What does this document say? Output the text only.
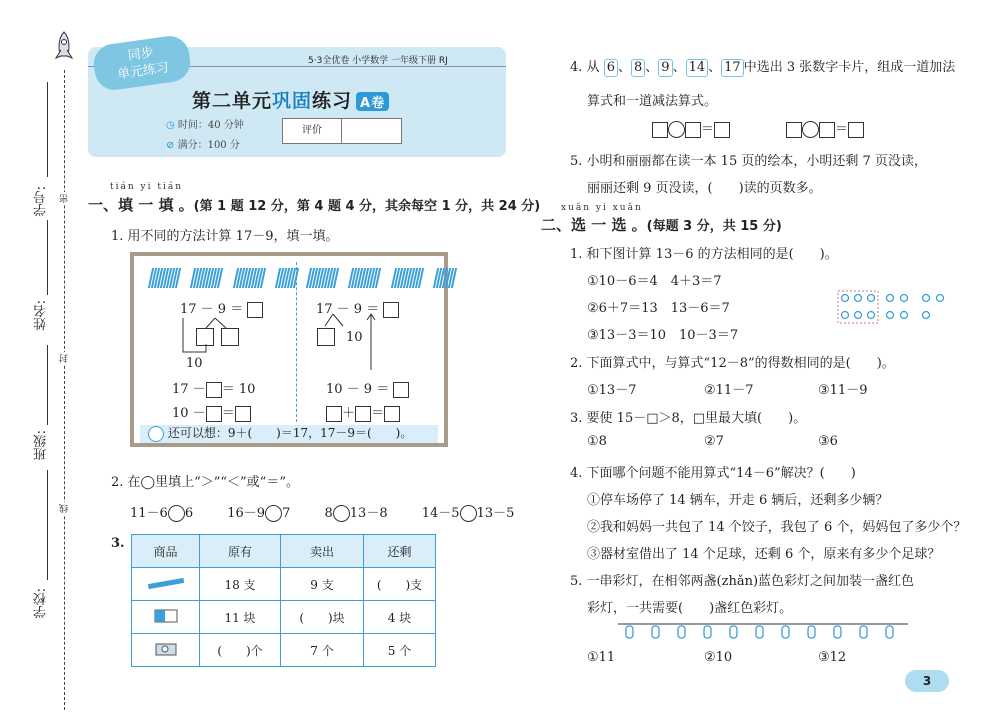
密
封
线
学号:
姓名:
班级:
学校:
5·3全优卷 小学数学 一年级下册 RJ
同步
单元练习
第二单元巩固练习 A卷
◷ 时间：40 分钟
⊘ 满分：100 分
评价
tián yi tián
一、填 一 填 。(第 1 题 12 分，第 4 题 4 分，其余每空 1 分，共 24 分)
1. 用不同的方法计算 17－9，填一填。

17 － 9 ＝
10
17 － ＝ 10
10 － ＝
17 － 9 ＝
10
10 － 9 ＝
＋ ＝
还可以想：9＋(　　)＝17，17－9＝(　　)。
2. 在◯里填上“＞”“＜”或“＝”。
11－6 6	16－9 7	8 13－8	14－5 13－5
3.
商品	原有	卖出	还剩
	18 支	9 支	(　　)支
	11 块	(　　)块	4 块
	(　　)个	7 个	5 个
4. 从 6 、 8 、 9 、 14 、 17 中选出 3 张数字卡片，组成一道加法
算式和一道减法算式。
＝	＝
5. 小明和丽丽都在读一本 15 页的绘本，小明还剩 7 页没读，
丽丽还剩 9 页没读，(　　)读的页数多。
xuǎn yi xuǎn
二、选 一 选 。(每题 3 分，共 15 分)
1. 和下图计算 13－6 的方法相同的是(　　)。
①10－6＝4　4＋3＝7
②6＋7＝13　13－6＝7
③13－3＝10　10－3＝7
2. 下面算式中，与算式“12－8”的得数相同的是(　　)。
①13－7	②11－7	③11－9
3. 要使 15－□＞8，□里最大填(　　)。
①8	②7	③6
4. 下面哪个问题不能用算式“14－6”解决？(　　)
①停车场停了 14 辆车，开走 6 辆后，还剩多少辆？
②我和妈妈一共包了 14 个饺子，我包了 6 个，妈妈包了多少个？
③器材室借出了 14 个足球，还剩 6 个，原来有多少个足球？
5. 一串彩灯，在相邻两盏(zhǎn)蓝色彩灯之间加装一盏红色
彩灯，一共需要(　　)盏红色彩灯。
①11	②10	③12
3
